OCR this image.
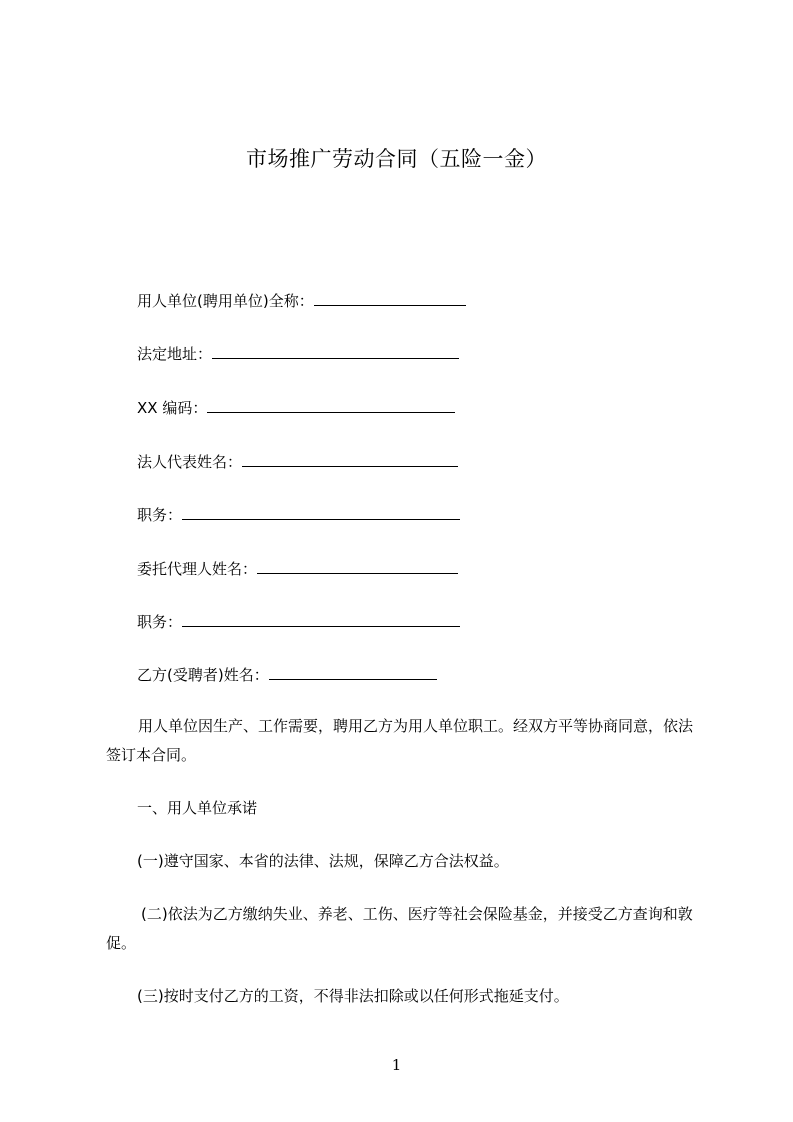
市场推广劳动合同（五险一金）
用人单位(聘用单位)全称：
法定地址：
XX 编码：
法人代表姓名：
职务：
委托代理人姓名：
职务：
乙方(受聘者)姓名：
用人单位因生产、工作需要，聘用乙方为用人单位职工。经双方平等协商同意，依法签订本合同。
一、用人单位承诺
(一)遵守国家、本省的法律、法规，保障乙方合法权益。
(二)依法为乙方缴纳失业、养老、工伤、医疗等社会保险基金，并接受乙方查询和敦促。
(三)按时支付乙方的工资，不得非法扣除或以任何形式拖延支付。
1
